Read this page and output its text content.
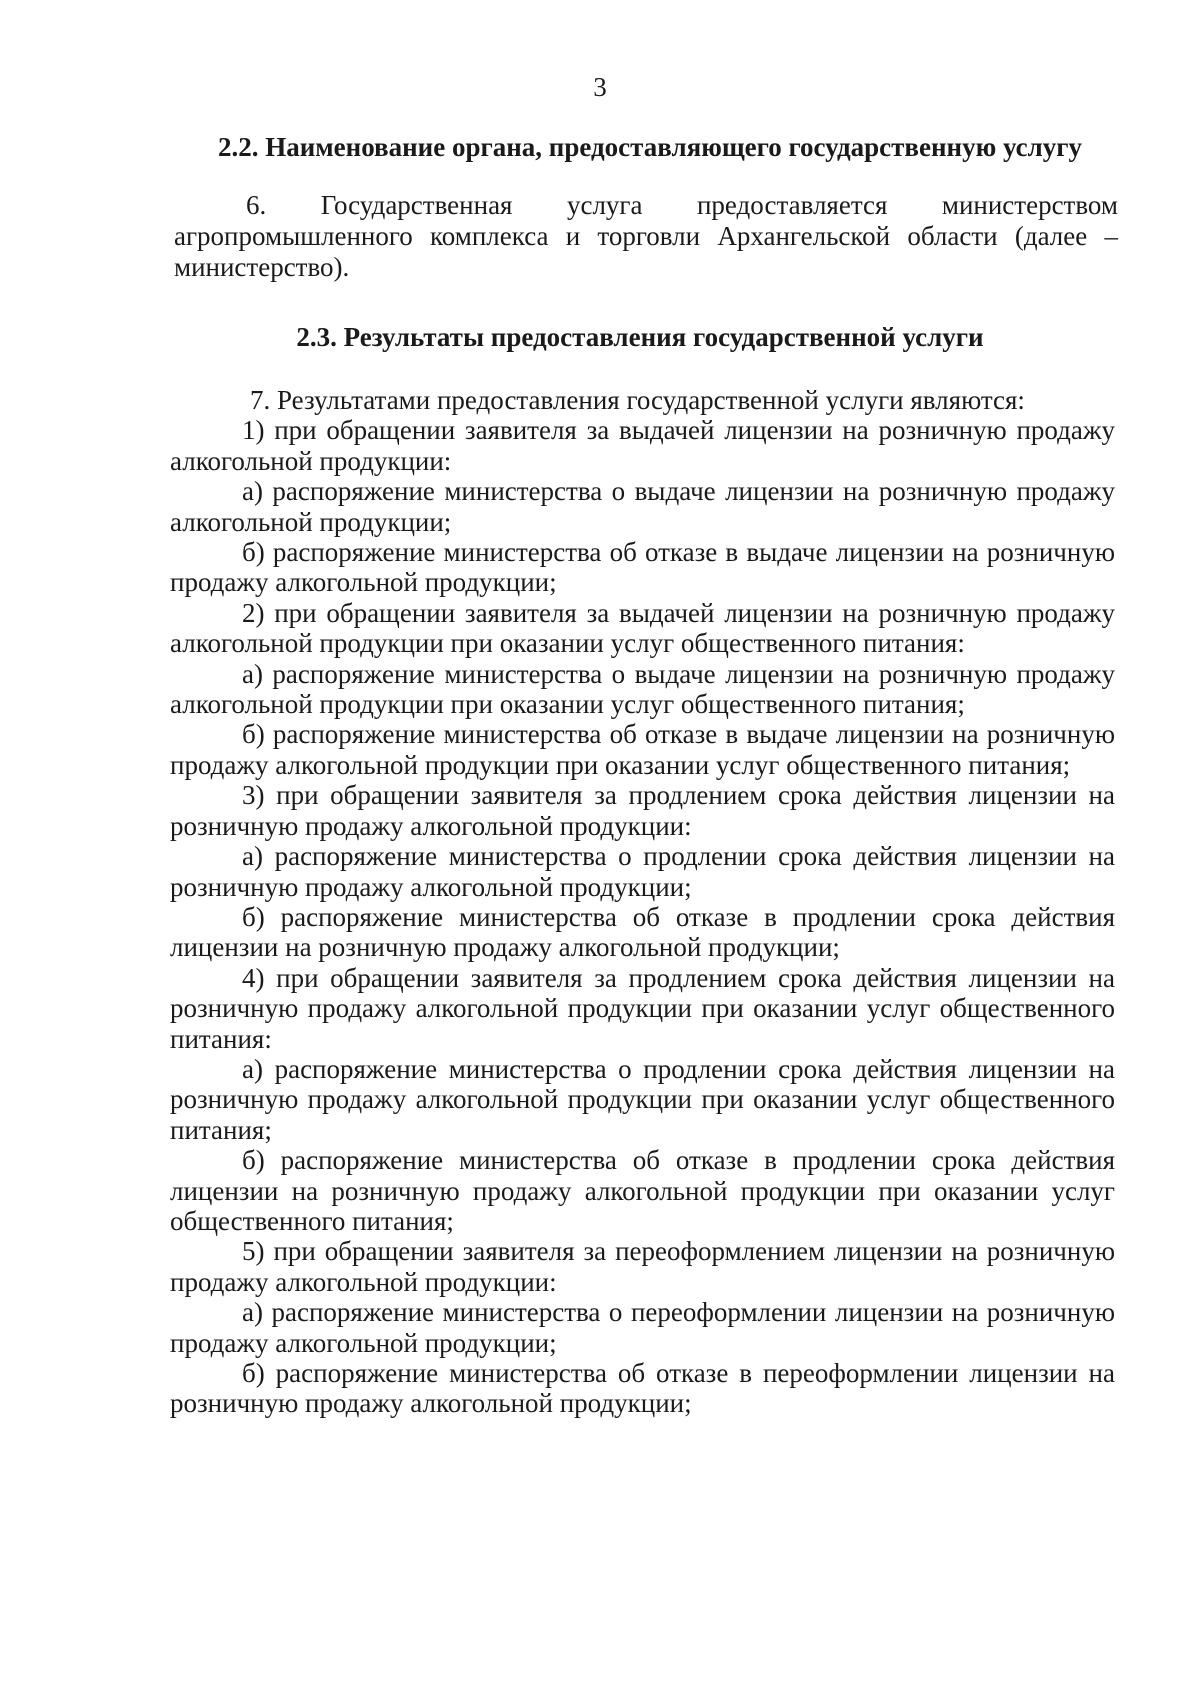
3
2.2. Наименование органа, предоставляющего государственную услугу

6. Государственная услуга предоставляется министерством агропромышленного комплекса и торговли Архангельской области (далее – министерство).

2.3. Результаты предоставления государственной услуги

7. Результатами предоставления государственной услуги являются:

1) при обращении заявителя за выдачей лицензии на розничную продажу алкогольной продукции:

а) распоряжение министерства о выдаче лицензии на розничную продажу алкогольной продукции;

б) распоряжение министерства об отказе в выдаче лицензии на розничную продажу алкогольной продукции;

2) при обращении заявителя за выдачей лицензии на розничную продажу алкогольной продукции при оказании услуг общественного питания:

а) распоряжение министерства о выдаче лицензии на розничную продажу алкогольной продукции при оказании услуг общественного питания;

б) распоряжение министерства об отказе в выдаче лицензии на розничную продажу алкогольной продукции при оказании услуг общественного питания;

3) при обращении заявителя за продлением срока действия лицензии на розничную продажу алкогольной продукции:

а) распоряжение министерства о продлении срока действия лицензии на розничную продажу алкогольной продукции;

б) распоряжение министерства об отказе в продлении срока действия лицензии на розничную продажу алкогольной продукции;

4) при обращении заявителя за продлением срока действия лицензии на розничную продажу алкогольной продукции при оказании услуг общественного питания:

а) распоряжение министерства о продлении срока действия лицензии на розничную продажу алкогольной продукции при оказании услуг общественного питания;

б) распоряжение министерства об отказе в продлении срока действия лицензии на розничную продажу алкогольной продукции при оказании услуг общественного питания;

5) при обращении заявителя за переоформлением лицензии на розничную продажу алкогольной продукции:

а) распоряжение министерства о переоформлении лицензии на розничную продажу алкогольной продукции;

б) распоряжение министерства об отказе в переоформлении лицензии на розничную продажу алкогольной продукции;
